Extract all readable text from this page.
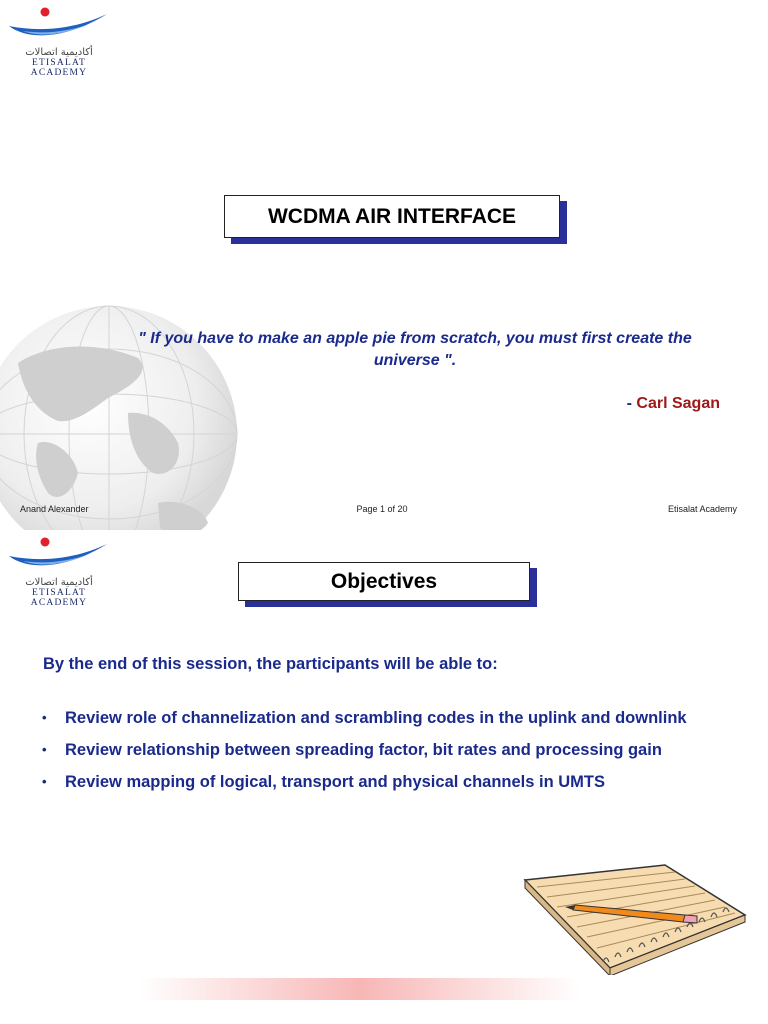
أكاديمية اتصالات
ETISALAT ACADEMY
WCDMA AIR INTERFACE
" If you have to make an apple pie from scratch, you must first create the universe ".
- Carl Sagan
Anand Alexander	Page 1 of 20	Etisalat Academy
أكاديمية اتصالات
ETISALAT ACADEMY
Objectives
By the end of this session, the participants will be able to:
• Review role of channelization and scrambling codes in the uplink and downlink
• Review relationship between spreading factor, bit rates and processing gain
• Review mapping of logical, transport and physical channels in UMTS
